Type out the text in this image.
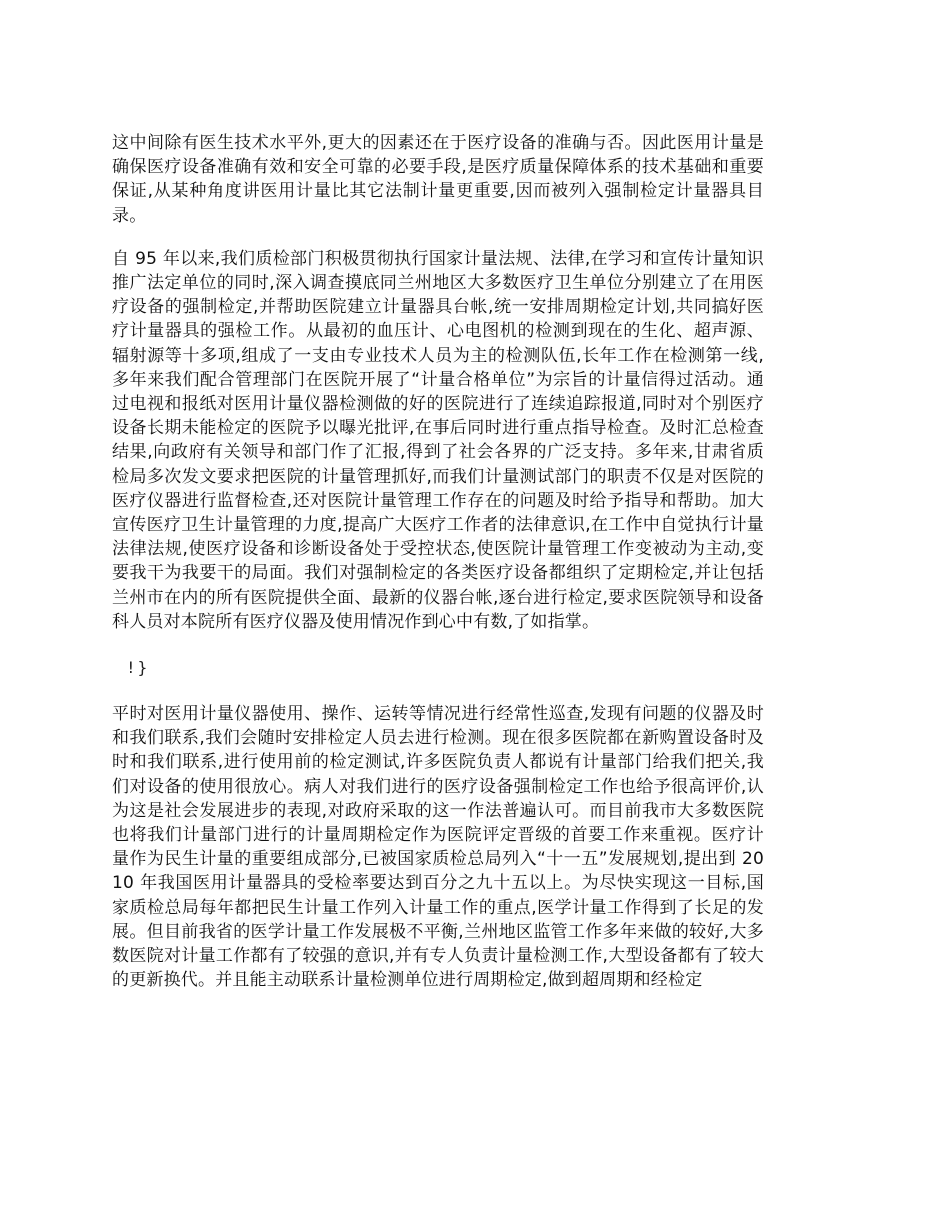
这中间除有医生技术水平外,更大的因素还在于医疗设备的准确与否。因此医用计量是确保医疗设备准确有效和安全可靠的必要手段,是医疗质量保障体系的技术基础和重要保证,从某种角度讲医用计量比其它法制计量更重要,因而被列入强制检定计量器具目录。

自 95 年以来,我们质检部门积极贯彻执行国家计量法规、法律,在学习和宣传计量知识推广法定单位的同时,深入调查摸底同兰州地区大多数医疗卫生单位分别建立了在用医疗设备的强制检定,并帮助医院建立计量器具台帐,统一安排周期检定计划,共同搞好医疗计量器具的强检工作。从最初的血压计、心电图机的检测到现在的生化、超声源、辐射源等十多项,组成了一支由专业技术人员为主的检测队伍,长年工作在检测第一线,多年来我们配合管理部门在医院开展了“计量合格单位”为宗旨的计量信得过活动。通过电视和报纸对医用计量仪器检测做的好的医院进行了连续追踪报道,同时对个别医疗设备长期未能检定的医院予以曝光批评,在事后同时进行重点指导检查。及时汇总检查结果,向政府有关领导和部门作了汇报,得到了社会各界的广泛支持。多年来,甘肃省质检局多次发文要求把医院的计量管理抓好,而我们计量测试部门的职责不仅是对医院的医疗仪器进行监督检查,还对医院计量管理工作存在的问题及时给予指导和帮助。加大宣传医疗卫生计量管理的力度,提高广大医疗工作者的法律意识,在工作中自觉执行计量法律法规,使医疗设备和诊断设备处于受控状态,使医院计量管理工作变被动为主动,变要我干为我要干的局面。我们对强制检定的各类医疗设备都组织了定期检定,并让包括兰州市在内的所有医院提供全面、最新的仪器台帐,逐台进行检定,要求医院领导和设备科人员对本院所有医疗仪器及使用情况作到心中有数,了如指掌。

!}

平时对医用计量仪器使用、操作、运转等情况进行经常性巡查,发现有问题的仪器及时和我们联系,我们会随时安排检定人员去进行检测。现在很多医院都在新购置设备时及时和我们联系,进行使用前的检定测试,许多医院负责人都说有计量部门给我们把关,我们对设备的使用很放心。病人对我们进行的医疗设备强制检定工作也给予很高评价,认为这是社会发展进步的表现,对政府采取的这一作法普遍认可。而目前我市大多数医院也将我们计量部门进行的计量周期检定作为医院评定晋级的首要工作来重视。医疗计量作为民生计量的重要组成部分,已被国家质检总局列入“十一五”发展规划,提出到 2010 年我国医用计量器具的受检率要达到百分之九十五以上。为尽快实现这一目标,国家质检总局每年都把民生计量工作列入计量工作的重点,医学计量工作得到了长足的发展。但目前我省的医学计量工作发展极不平衡,兰州地区监管工作多年来做的较好,大多数医院对计量工作都有了较强的意识,并有专人负责计量检测工作,大型设备都有了较大的更新换代。并且能主动联系计量检测单位进行周期检定,做到超周期和经检定
